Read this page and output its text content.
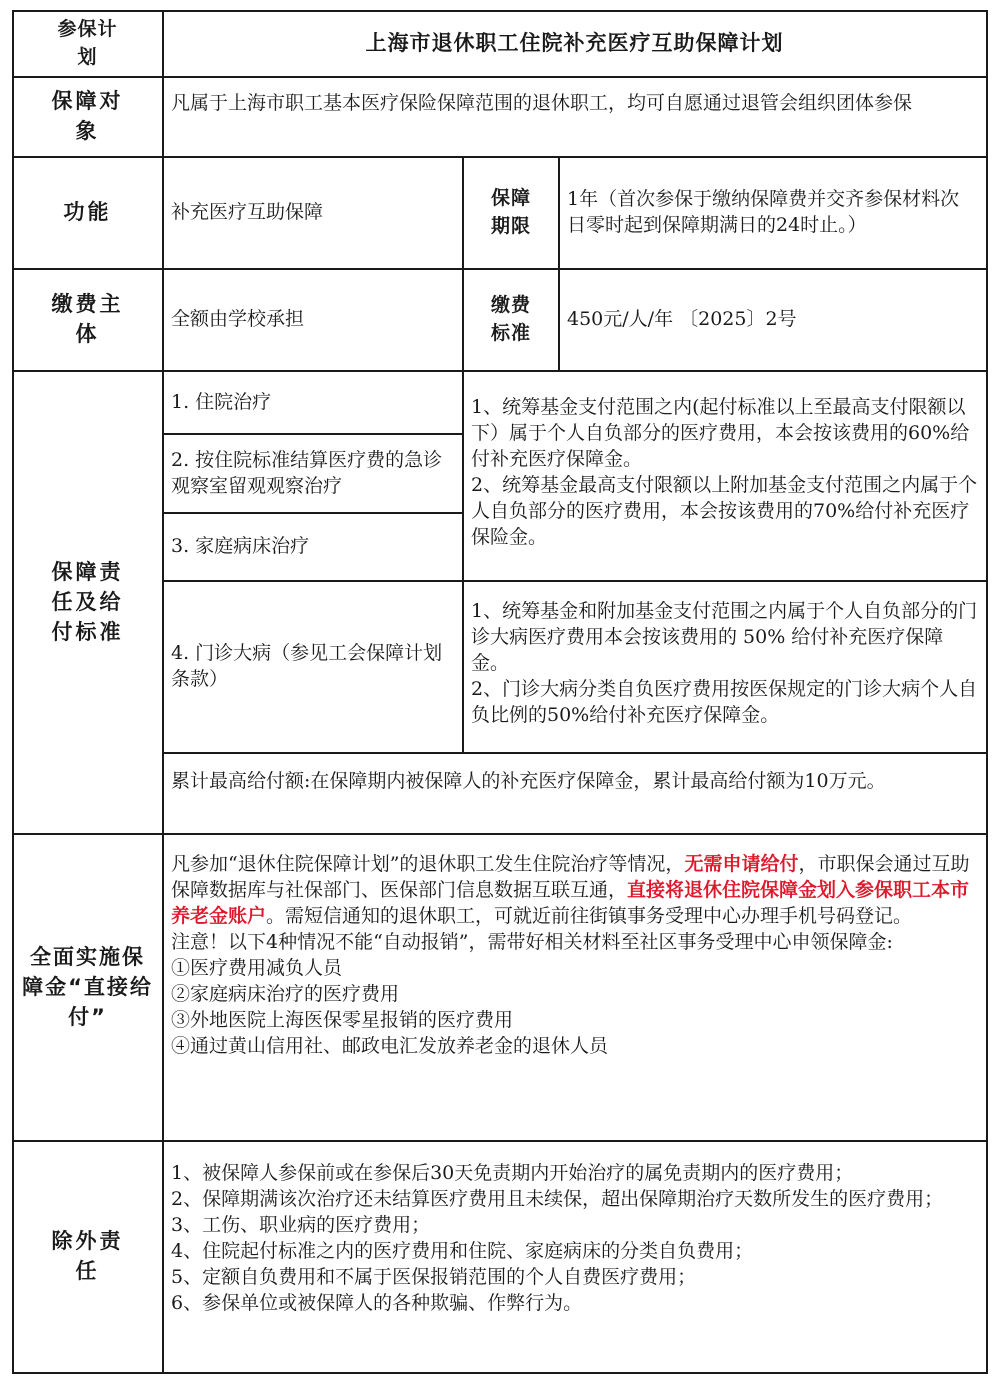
参保计划
上海市退休职工住院补充医疗互助保障计划
保障对象
凡属于上海市职工基本医疗保险保障范围的退休职工，均可自愿通过退管会组织团体参保
功能	补充医疗互助保障
保障期限
1年（首次参保于缴纳保障费并交齐参保材料次日零时起到保障期满日的24时止。）
缴费主体
全额由学校承担
缴费标准
450元/人/年 〔2025〕2号
保障责任及给付标准
1. 住院治疗
2. 按住院标准结算医疗费的急诊观察室留观观察治疗
3. 家庭病床治疗
4. 门诊大病（参见工会保障计划条款）

1、统筹基金支付范围之内(起付标准以上至最高支付限额以下）属于个人自负部分的医疗费用，本会按该费用的60%给付补充医疗保障金。

2、统筹基金最高支付限额以上附加基金支付范围之内属于个人自负部分的医疗费用，本会按该费用的70%给付补充医疗保险金。

1、统筹基金和附加基金支付范围之内属于个人自负部分的门诊大病医疗费用本会按该费用的 50% 给付补充医疗保障金。

2、门诊大病分类自负医疗费用按医保规定的门诊大病个人自负比例的50%给付补充医疗保障金。

累计最高给付额:在保障期内被保障人的补充医疗保障金，累计最高给付额为10万元。
全面实施保障金“直接给付”

凡参加“退休住院保障计划”的退休职工发生住院治疗等情况，无需申请给付，市职保会通过互助保障数据库与社保部门、医保部门信息数据互联互通，直接将退休住院保障金划入参保职工本市养老金账户。需短信通知的退休职工，可就近前往街镇事务受理中心办理手机号码登记。

注意！以下4种情况不能“自动报销”，需带好相关材料至社区事务受理中心申领保障金:

①医疗费用减负人员

②家庭病床治疗的医疗费用

③外地医院上海医保零星报销的医疗费用

④通过黄山信用社、邮政电汇发放养老金的退休人员

除外责任

1、被保障人参保前或在参保后30天免责期内开始治疗的属免责期内的医疗费用；

2、保障期满该次治疗还未结算医疗费用且未续保，超出保障期治疗天数所发生的医疗费用；

3、工伤、职业病的医疗费用；

4、住院起付标准之内的医疗费用和住院、家庭病床的分类自负费用；

5、定额自负费用和不属于医保报销范围的个人自费医疗费用；

6、参保单位或被保障人的各种欺骗、作弊行为。
